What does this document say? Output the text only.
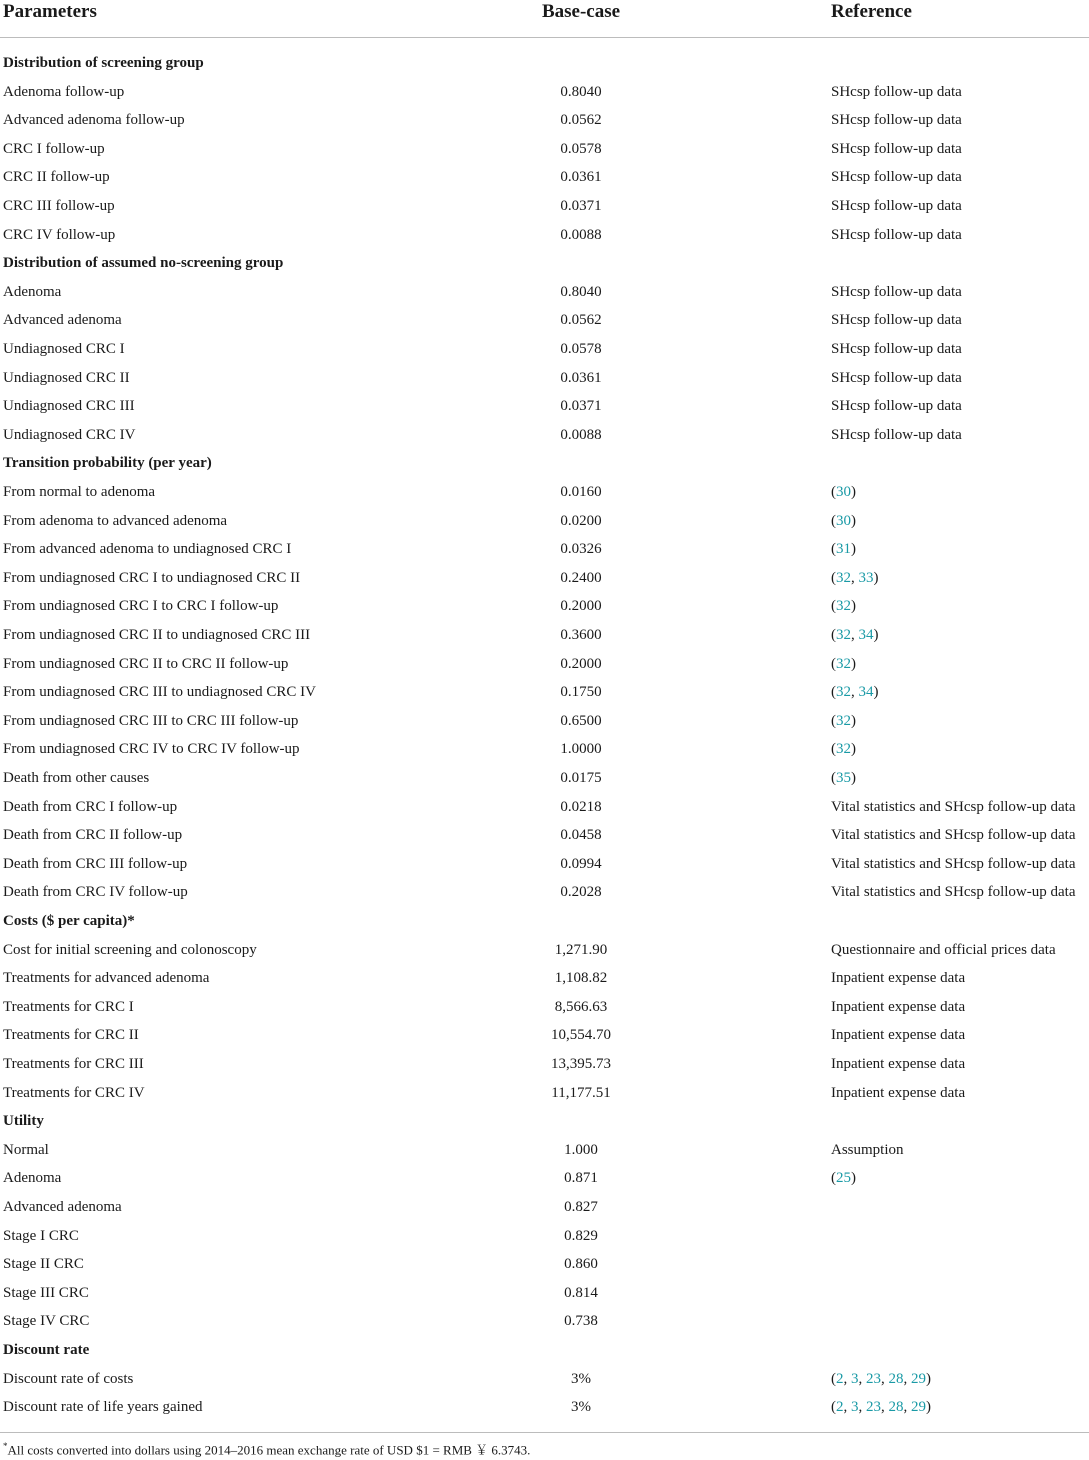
Parameters	Base-case	Reference
Distribution of screening group
Adenoma follow-up	0.8040	SHcsp follow-up data
Advanced adenoma follow-up	0.0562	SHcsp follow-up data
CRC I follow-up	0.0578	SHcsp follow-up data
CRC II follow-up	0.0361	SHcsp follow-up data
CRC III follow-up	0.0371	SHcsp follow-up data
CRC IV follow-up	0.0088	SHcsp follow-up data
Distribution of assumed no-screening group
Adenoma	0.8040	SHcsp follow-up data
Advanced adenoma	0.0562	SHcsp follow-up data
Undiagnosed CRC I	0.0578	SHcsp follow-up data
Undiagnosed CRC II	0.0361	SHcsp follow-up data
Undiagnosed CRC III	0.0371	SHcsp follow-up data
Undiagnosed CRC IV	0.0088	SHcsp follow-up data
Transition probability (per year)
From normal to adenoma	0.0160	(30)
From adenoma to advanced adenoma	0.0200	(30)
From advanced adenoma to undiagnosed CRC I	0.0326	(31)
From undiagnosed CRC I to undiagnosed CRC II	0.2400	(32, 33)
From undiagnosed CRC I to CRC I follow-up	0.2000	(32)
From undiagnosed CRC II to undiagnosed CRC III	0.3600	(32, 34)
From undiagnosed CRC II to CRC II follow-up	0.2000	(32)
From undiagnosed CRC III to undiagnosed CRC IV	0.1750	(32, 34)
From undiagnosed CRC III to CRC III follow-up	0.6500	(32)
From undiagnosed CRC IV to CRC IV follow-up	1.0000	(32)
Death from other causes	0.0175	(35)
Death from CRC I follow-up	0.0218	Vital statistics and SHcsp follow-up data
Death from CRC II follow-up	0.0458	Vital statistics and SHcsp follow-up data
Death from CRC III follow-up	0.0994	Vital statistics and SHcsp follow-up data
Death from CRC IV follow-up	0.2028	Vital statistics and SHcsp follow-up data
Costs ($ per capita)*
Cost for initial screening and colonoscopy	1,271.90	Questionnaire and official prices data
Treatments for advanced adenoma	1,108.82	Inpatient expense data
Treatments for CRC I	8,566.63	Inpatient expense data
Treatments for CRC II	10,554.70	Inpatient expense data
Treatments for CRC III	13,395.73	Inpatient expense data
Treatments for CRC IV	11,177.51	Inpatient expense data
Utility
Normal	1.000	Assumption
Adenoma	0.871	(25)
Advanced adenoma	0.827
Stage I CRC	0.829
Stage II CRC	0.860
Stage III CRC	0.814
Stage IV CRC	0.738
Discount rate
Discount rate of costs	3%	(2, 3, 23, 28, 29)
Discount rate of life years gained	3%	(2, 3, 23, 28, 29)
*All costs converted into dollars using 2014–2016 mean exchange rate of USD $1 = RMB ￥ 6.3743.
